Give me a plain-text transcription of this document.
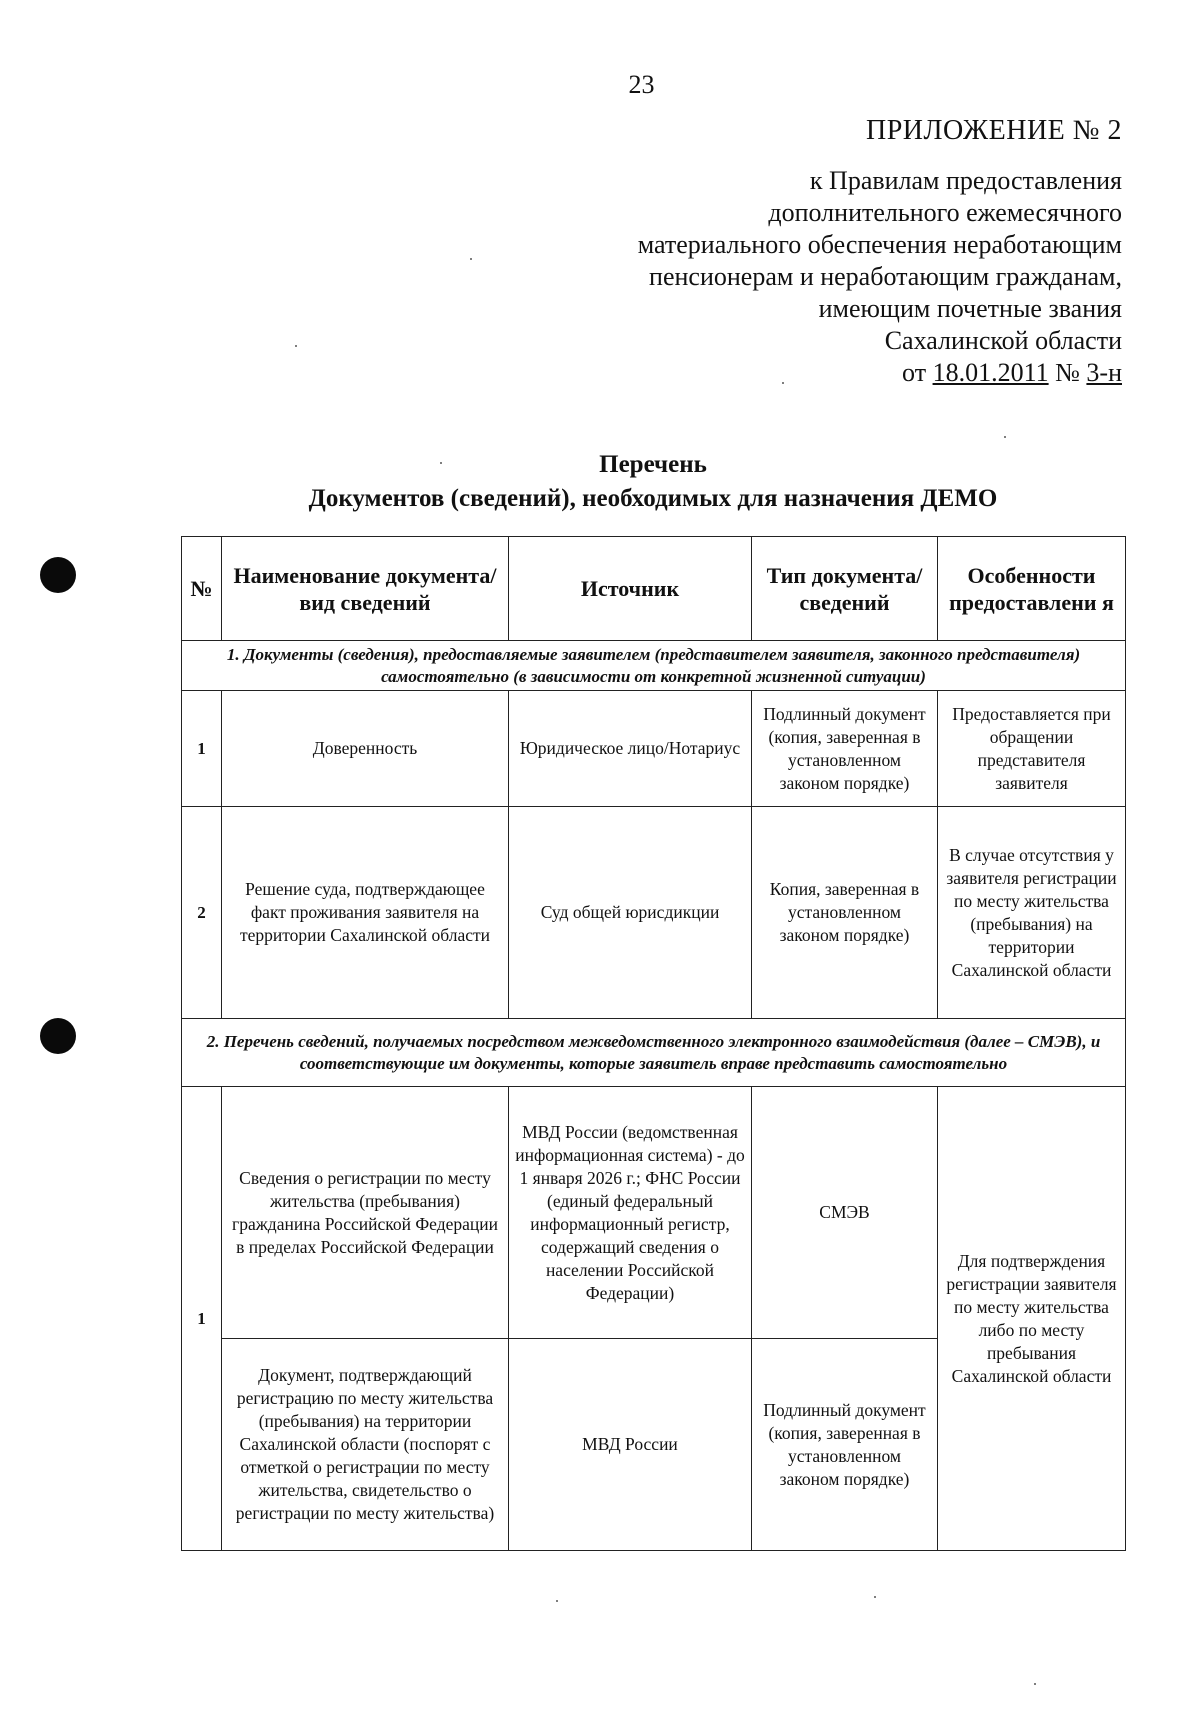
23
ПРИЛОЖЕНИЕ № 2
к Правилам предоставления
дополнительного ежемесячного
материального обеспечения неработающим
пенсионерам и неработающим гражданам,
имеющим почетные звания
Сахалинской области
от 18.01.2011 № 3-н
Перечень
Документов (сведений), необходимых для назначения ДЕМО
№	Наименование документа/ вид сведений	Источник	Тип документа/ сведений	Особенности предоставлени я
1. Документы (сведения), предоставляемые заявителем (представителем заявителя, законного представителя) самостоятельно (в зависимости от конкретной жизненной ситуации)				
1	Доверенность	Юридическое лицо/Нотариус	Подлинный документ (копия, заверенная в установленном законом порядке)	Предоставляется при обращении представителя заявителя
2	Решение суда, подтверждающее факт проживания заявителя на территории Сахалинской области	Суд общей юрисдикции	Копия, заверенная в установленном законом порядке)	В случае отсутствия у заявителя регистрации по месту жительства (пребывания) на территории Сахалинской области
2. Перечень сведений, получаемых посредством межведомственного электронного взаимодействия (далее – СМЭВ), и соответствующие им документы, которые заявитель вправе представить самостоятельно				
1	Сведения о регистрации по месту жительства (пребывания) гражданина Российской Федерации в пределах Российской Федерации	МВД России (ведомственная информационная система) - до 1 января 2026 г.; ФНС России (единый федеральный информационный регистр, содержащий сведения о населении Российской Федерации)	СМЭВ	Для подтверждения регистрации заявителя по месту жительства либо по месту пребывания Сахалинской области
	Документ, подтверждающий регистрацию по месту жительства (пребывания) на территории Сахалинской области (поспорят с отметкой о регистрации по месту жительства, свидетельство о регистрации по месту жительства)	МВД России	Подлинный документ (копия, заверенная в установленном законом порядке)	
